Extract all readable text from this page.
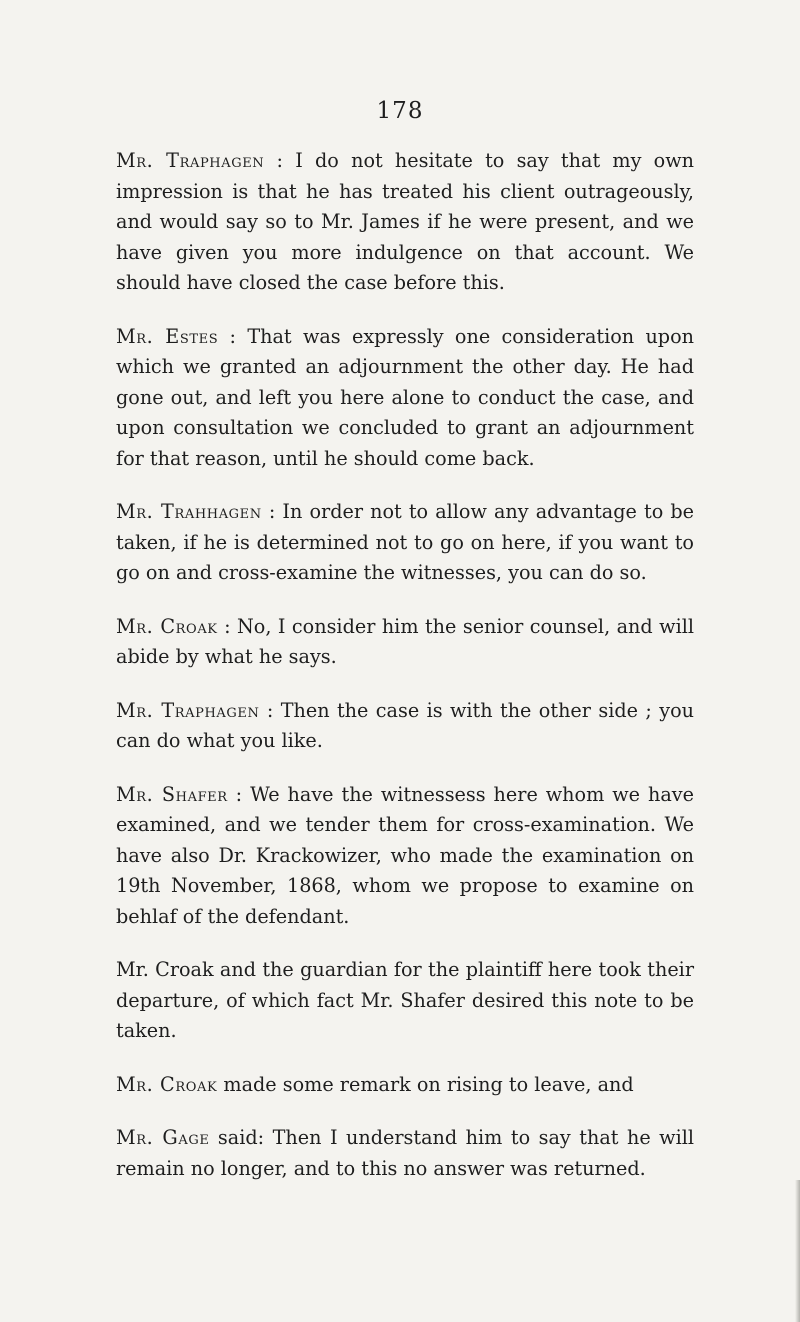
178

Mr. Traphagen : I do not hesitate to say that my own impression is that he has treated his client outrageously, and would say so to Mr. James if he were present, and we have given you more indulgence on that account. We should have closed the case before this.

Mr. Estes : That was expressly one consideration upon which we granted an adjournment the other day. He had gone out, and left you here alone to conduct the case, and upon consultation we concluded to grant an adjournment for that reason, until he should come back.

Mr. Trahhagen : In order not to allow any advantage to be taken, if he is determined not to go on here, if you want to go on and cross-examine the witnesses, you can do so.

Mr. Croak : No, I consider him the senior counsel, and will abide by what he says.

Mr. Traphagen : Then the case is with the other side ; you can do what you like.

Mr. Shafer : We have the witnessess here whom we have examined, and we tender them for cross-examination. We have also Dr. Krackowizer, who made the examination on 19th November, 1868, whom we propose to examine on behlaf of the defendant.

Mr. Croak and the guardian for the plaintiff here took their departure, of which fact Mr. Shafer desired this note to be taken.

Mr. Croak made some remark on rising to leave, and

Mr. Gage said: Then I understand him to say that he will remain no longer, and to this no answer was returned.
